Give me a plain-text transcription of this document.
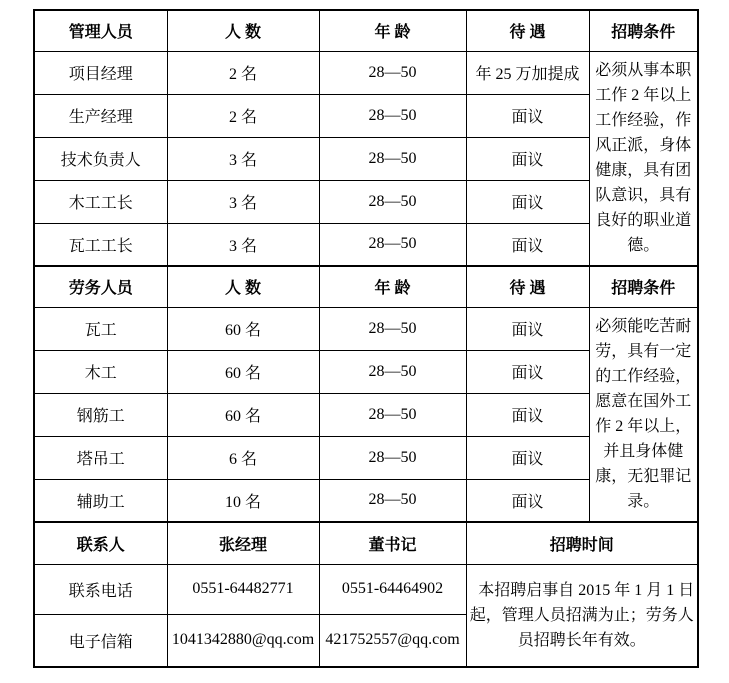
管理人员	人 数	年 龄	待 遇	招聘条件
项目经理	2 名	28—50	年 25 万加提成	必须从事本职工作 2 年以上工作经验，作风正派，身体健康，具有团队意识，具有良好的职业道德。
生产经理	2 名	28—50	面议	
技术负责人	3 名	28—50	面议	
木工工长	3 名	28—50	面议	
瓦工工长	3 名	28—50	面议	
劳务人员	人 数	年 龄	待 遇	招聘条件
瓦工	60 名	28—50	面议	必须能吃苦耐劳，具有一定的工作经验，愿意在国外工作 2 年以上，并且身体健康，无犯罪记录。
木工	60 名	28—50	面议	
钢筋工	60 名	28—50	面议	
塔吊工	6 名	28—50	面议	
辅助工	10 名	28—50	面议	
联系人	张经理	董书记	招聘时间	
联系电话	0551-64482771	0551-64464902	本招聘启事自 2015 年 1 月 1 日起，管理人员招满为止；劳务人员招聘长年有效。	
电子信箱	1041342880@qq.com	421752557@qq.com		
